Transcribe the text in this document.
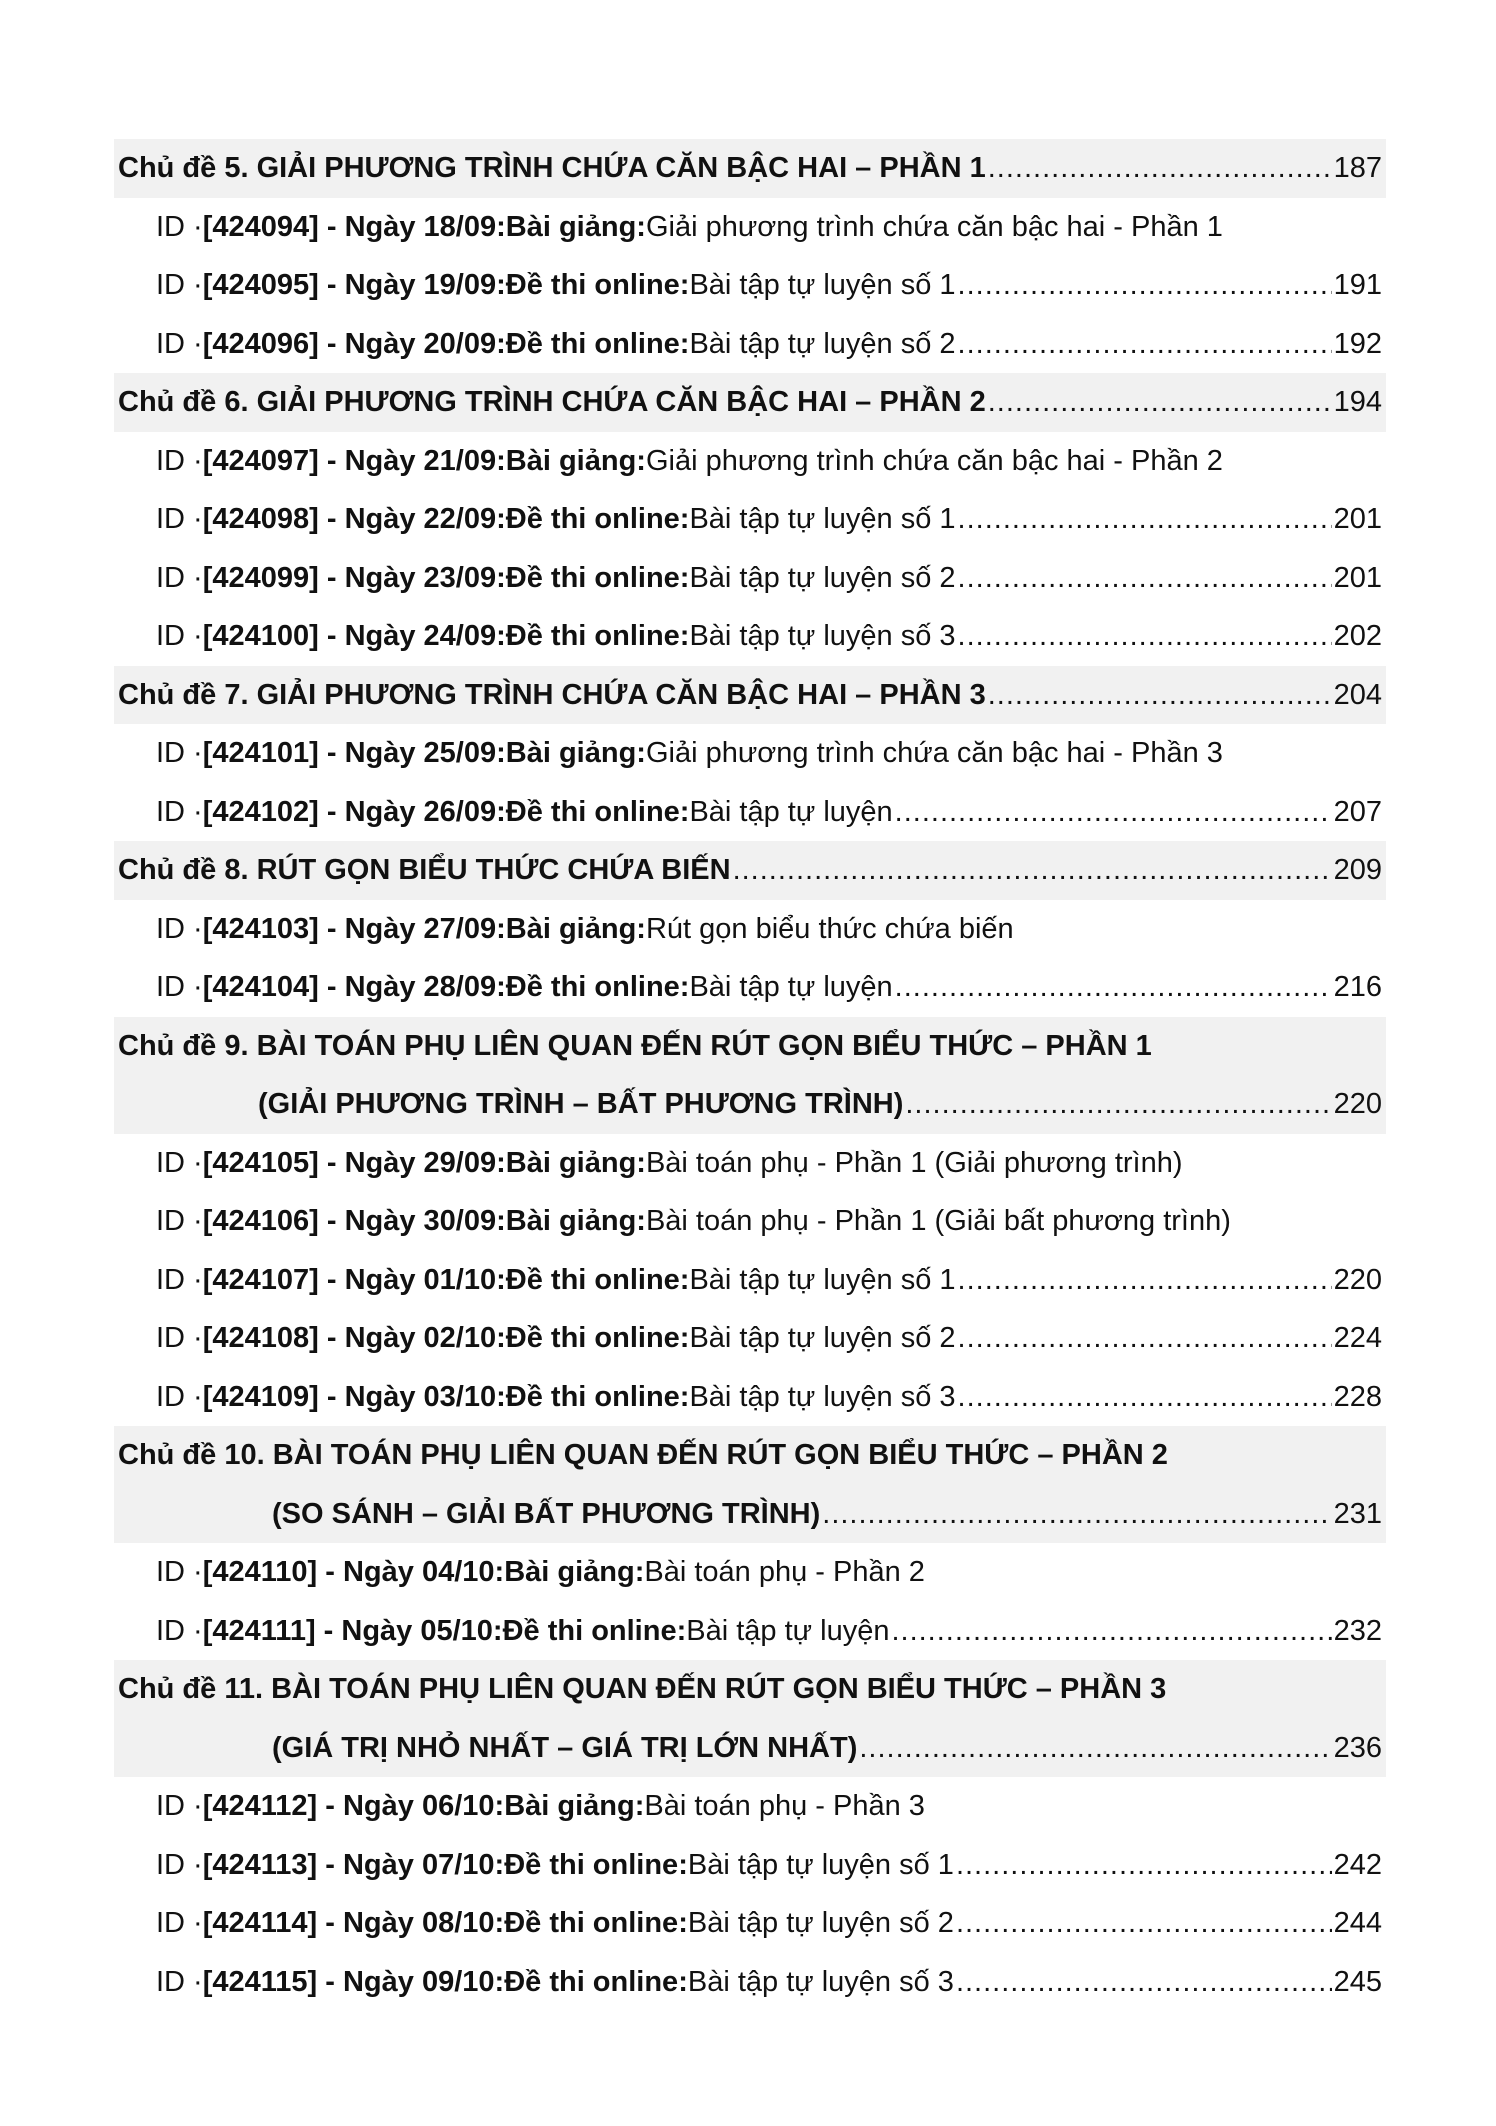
Chủ đề 5. GIẢI PHƯƠNG TRÌNH CHỨA CĂN BẬC HAI – PHẦN 1 .....	187
ID · [424094] - Ngày 18/09: Bài giảng: Giải phương trình chứa căn bậc hai - Phần 1
ID · [424095] - Ngày 19/09: Đề thi online: Bài tập tự luyện số 1 .....	191
ID · [424096] - Ngày 20/09: Đề thi online: Bài tập tự luyện số 2 .....	192
Chủ đề 6. GIẢI PHƯƠNG TRÌNH CHỨA CĂN BẬC HAI – PHẦN 2 .....	194
ID · [424097] - Ngày 21/09: Bài giảng: Giải phương trình chứa căn bậc hai - Phần 2
ID · [424098] - Ngày 22/09: Đề thi online: Bài tập tự luyện số 1 .....	201
ID · [424099] - Ngày 23/09: Đề thi online: Bài tập tự luyện số 2 .....	201
ID · [424100] - Ngày 24/09: Đề thi online: Bài tập tự luyện số 3 .....	202
Chủ đề 7. GIẢI PHƯƠNG TRÌNH CHỨA CĂN BẬC HAI – PHẦN 3 .....	204
ID · [424101] - Ngày 25/09: Bài giảng: Giải phương trình chứa căn bậc hai - Phần 3
ID · [424102] - Ngày 26/09: Đề thi online: Bài tập tự luyện .....	207
Chủ đề 8. RÚT GỌN BIỂU THỨC CHỨA BIẾN .....	209
ID · [424103] - Ngày 27/09: Bài giảng: Rút gọn biểu thức chứa biến
ID · [424104] - Ngày 28/09: Đề thi online: Bài tập tự luyện .....	216
Chủ đề 9. BÀI TOÁN PHỤ LIÊN QUAN ĐẾN RÚT GỌN BIỂU THỨC – PHẦN 1
(GIẢI PHƯƠNG TRÌNH – BẤT PHƯƠNG TRÌNH) .....	220
ID · [424105] - Ngày 29/09: Bài giảng: Bài toán phụ - Phần 1 (Giải phương trình)
ID · [424106] - Ngày 30/09: Bài giảng: Bài toán phụ - Phần 1 (Giải bất phương trình)
ID · [424107] - Ngày 01/10: Đề thi online: Bài tập tự luyện số 1 .....	220
ID · [424108] - Ngày 02/10: Đề thi online: Bài tập tự luyện số 2 .....	224
ID · [424109] - Ngày 03/10: Đề thi online: Bài tập tự luyện số 3 .....	228
Chủ đề 10. BÀI TOÁN PHỤ LIÊN QUAN ĐẾN RÚT GỌN BIỂU THỨC – PHẦN 2
(SO SÁNH – GIẢI BẤT PHƯƠNG TRÌNH) .....	231
ID · [424110] - Ngày 04/10: Bài giảng: Bài toán phụ - Phần 2
ID · [424111] - Ngày 05/10: Đề thi online: Bài tập tự luyện .....	232
Chủ đề 11. BÀI TOÁN PHỤ LIÊN QUAN ĐẾN RÚT GỌN BIỂU THỨC – PHẦN 3
(GIÁ TRỊ NHỎ NHẤT – GIÁ TRỊ LỚN NHẤT) .....	236
ID · [424112] - Ngày 06/10: Bài giảng: Bài toán phụ - Phần 3
ID · [424113] - Ngày 07/10: Đề thi online: Bài tập tự luyện số 1 .....	242
ID · [424114] - Ngày 08/10: Đề thi online: Bài tập tự luyện số 2 .....	244
ID · [424115] - Ngày 09/10: Đề thi online: Bài tập tự luyện số 3 .....	245
